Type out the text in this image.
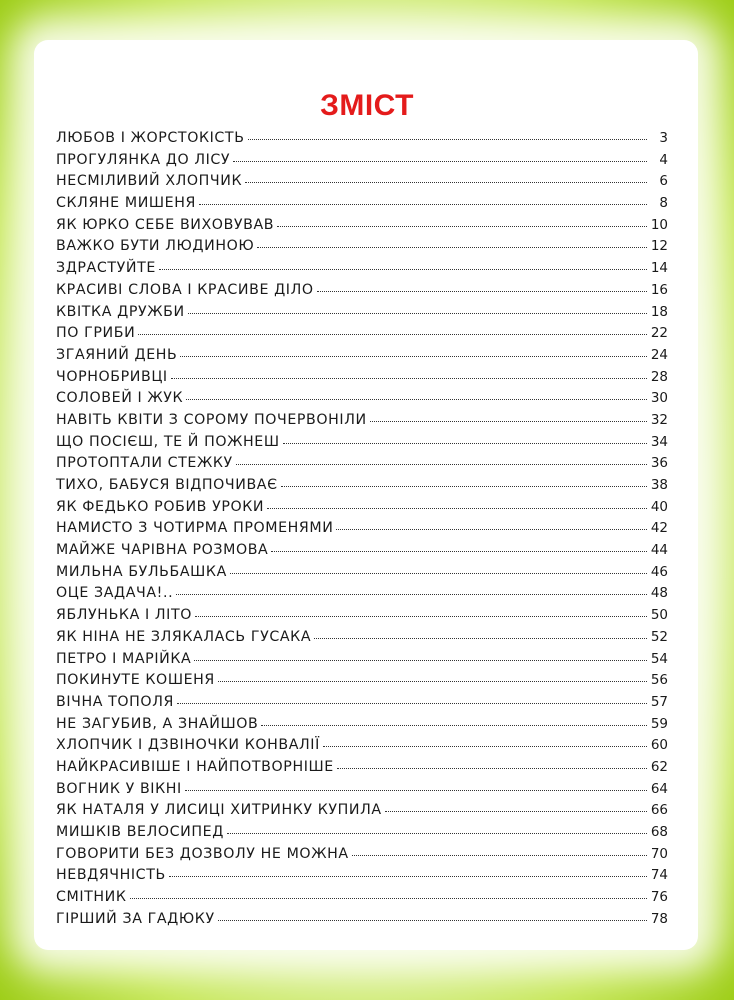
ЗМІСТ
ЛЮБОВ І ЖОРСТОКІСТЬ	3
ПРОГУЛЯНКА ДО ЛІСУ	4
НЕСМІЛИВИЙ ХЛОПЧИК	6
СКЛЯНЕ МИШЕНЯ	8
ЯК ЮРКО СЕБЕ ВИХОВУВАВ	10
ВАЖКО БУТИ ЛЮДИНОЮ	12
ЗДРАСТУЙТЕ	14
КРАСИВІ СЛОВА І КРАСИВЕ ДІЛО	16
КВІТКА ДРУЖБИ	18
ПО ГРИБИ	22
ЗГАЯНИЙ ДЕНЬ	24
ЧОРНОБРИВЦІ	28
СОЛОВЕЙ І ЖУК	30
НАВІТЬ КВІТИ З СОРОМУ ПОЧЕРВОНІЛИ	32
ЩО ПОСІЄШ, ТЕ Й ПОЖНЕШ	34
ПРОТОПТАЛИ СТЕЖКУ	36
ТИХО, БАБУСЯ ВІДПОЧИВАЄ	38
ЯК ФЕДЬКО РОБИВ УРОКИ	40
НАМИСТО З ЧОТИРМА ПРОМЕНЯМИ	42
МАЙЖЕ ЧАРІВНА РОЗМОВА	44
МИЛЬНА БУЛЬБАШКА	46
ОЦЕ ЗАДАЧА!..	48
ЯБЛУНЬКА І ЛІТО	50
ЯК НІНА НЕ ЗЛЯКАЛАСЬ ГУСАКА	52
ПЕТРО І МАРІЙКА	54
ПОКИНУТЕ КОШЕНЯ	56
ВІЧНА ТОПОЛЯ	57
НЕ ЗАГУБИВ, А ЗНАЙШОВ	59
ХЛОПЧИК І ДЗВІНОЧКИ КОНВАЛІЇ	60
НАЙКРАСИВІШЕ І НАЙПОТВОРНІШЕ	62
ВОГНИК У ВІКНІ	64
ЯК НАТАЛЯ У ЛИСИЦІ ХИТРИНКУ КУПИЛА	66
МИШКІВ ВЕЛОСИПЕД	68
ГОВОРИТИ БЕЗ ДОЗВОЛУ НЕ МОЖНА	70
НЕВДЯЧНІСТЬ	74
СМІТНИК	76
ГІРШИЙ ЗА ГАДЮКУ	78
